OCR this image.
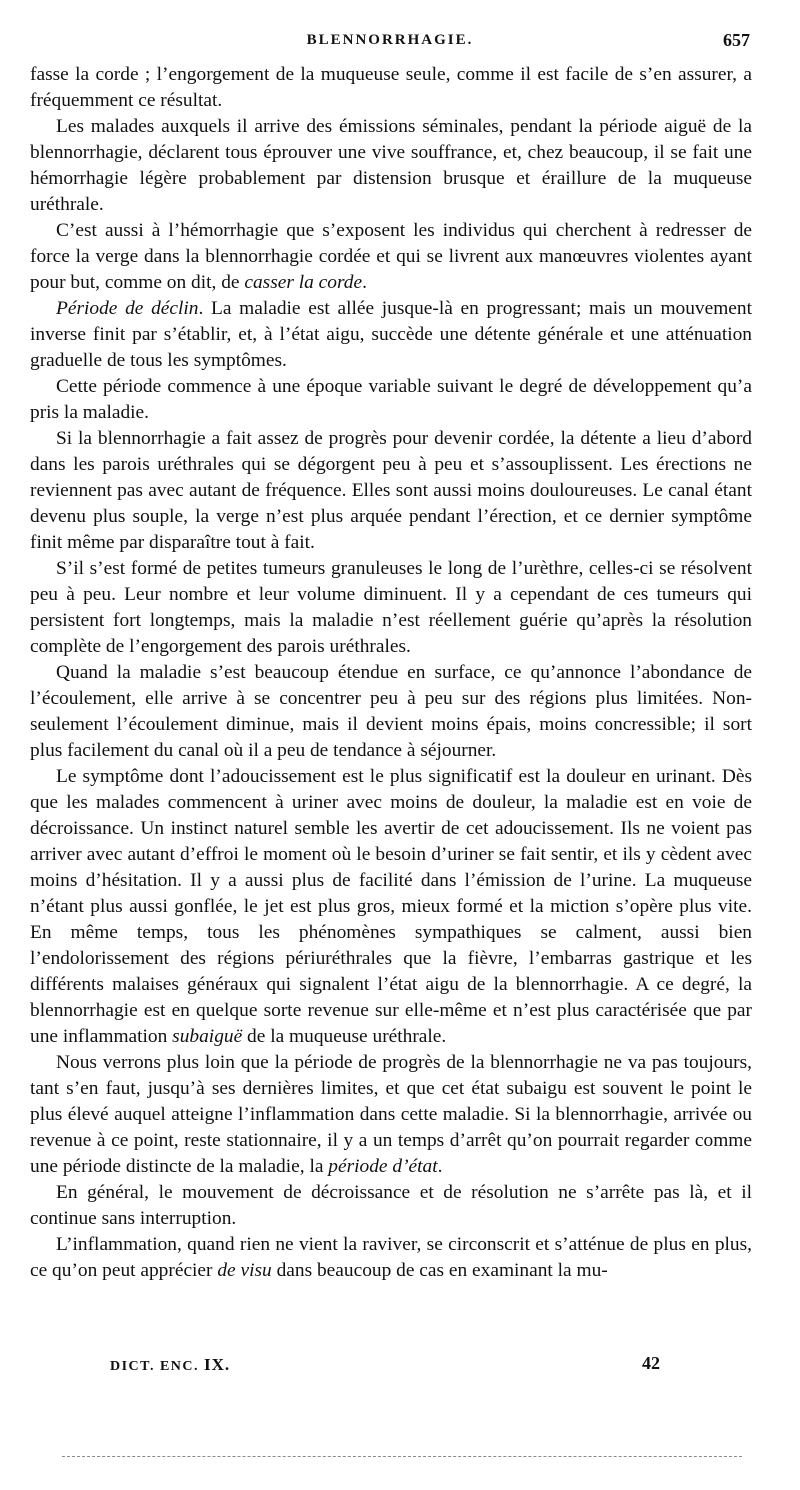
BLENNORRHAGIE.	657

fasse la corde ; l’engorgement de la muqueuse seule, comme il est facile de s’en assurer, a fréquemment ce résultat.

Les malades auxquels il arrive des émissions séminales, pendant la période aiguë de la blennorrhagie, déclarent tous éprouver une vive souffrance, et, chez beaucoup, il se fait une hémorrhagie légère probablement par distension brusque et éraillure de la muqueuse uréthrale.

C’est aussi à l’hémorrhagie que s’exposent les individus qui cherchent à redresser de force la verge dans la blennorrhagie cordée et qui se livrent aux manœuvres violentes ayant pour but, comme on dit, de casser la corde.

Période de déclin. La maladie est allée jusque-là en progressant; mais un mouvement inverse finit par s’établir, et, à l’état aigu, succède une détente générale et une atténuation graduelle de tous les symptômes.

Cette période commence à une époque variable suivant le degré de développement qu’a pris la maladie.

Si la blennorrhagie a fait assez de progrès pour devenir cordée, la détente a lieu d’abord dans les parois uréthrales qui se dégorgent peu à peu et s’assouplissent. Les érections ne reviennent pas avec autant de fréquence. Elles sont aussi moins douloureuses. Le canal étant devenu plus souple, la verge n’est plus arquée pendant l’érection, et ce dernier symptôme finit même par disparaître tout à fait.

S’il s’est formé de petites tumeurs granuleuses le long de l’urèthre, celles-ci se résolvent peu à peu. Leur nombre et leur volume diminuent. Il y a cependant de ces tumeurs qui persistent fort longtemps, mais la maladie n’est réellement guérie qu’après la résolution complète de l’engorgement des parois uréthrales.

Quand la maladie s’est beaucoup étendue en surface, ce qu’annonce l’abondance de l’écoulement, elle arrive à se concentrer peu à peu sur des régions plus limitées. Non-seulement l’écoulement diminue, mais il devient moins épais, moins concressible; il sort plus facilement du canal où il a peu de tendance à séjourner.

Le symptôme dont l’adoucissement est le plus significatif est la douleur en urinant. Dès que les malades commencent à uriner avec moins de douleur, la maladie est en voie de décroissance. Un instinct naturel semble les avertir de cet adoucissement. Ils ne voient pas arriver avec autant d’effroi le moment où le besoin d’uriner se fait sentir, et ils y cèdent avec moins d’hésitation. Il y a aussi plus de facilité dans l’émission de l’urine. La muqueuse n’étant plus aussi gonflée, le jet est plus gros, mieux formé et la miction s’opère plus vite. En même temps, tous les phénomènes sympathiques se calment, aussi bien l’endolorissement des régions périuréthrales que la fièvre, l’embarras gastrique et les différents malaises généraux qui signalent l’état aigu de la blennorrhagie. A ce degré, la blennorrhagie est en quelque sorte revenue sur elle-même et n’est plus caractérisée que par une inflammation subaiguë de la muqueuse uréthrale.

Nous verrons plus loin que la période de progrès de la blennorrhagie ne va pas toujours, tant s’en faut, jusqu’à ses dernières limites, et que cet état subaigu est souvent le point le plus élevé auquel atteigne l’inflammation dans cette maladie. Si la blennorrhagie, arrivée ou revenue à ce point, reste stationnaire, il y a un temps d’arrêt qu’on pourrait regarder comme une période distincte de la maladie, la période d’état.

En général, le mouvement de décroissance et de résolution ne s’arrête pas là, et il continue sans interruption.

L’inflammation, quand rien ne vient la raviver, se circonscrit et s’atténue de plus en plus, ce qu’on peut apprécier de visu dans beaucoup de cas en examinant la mu-

DICT. ENC. IX.	42
